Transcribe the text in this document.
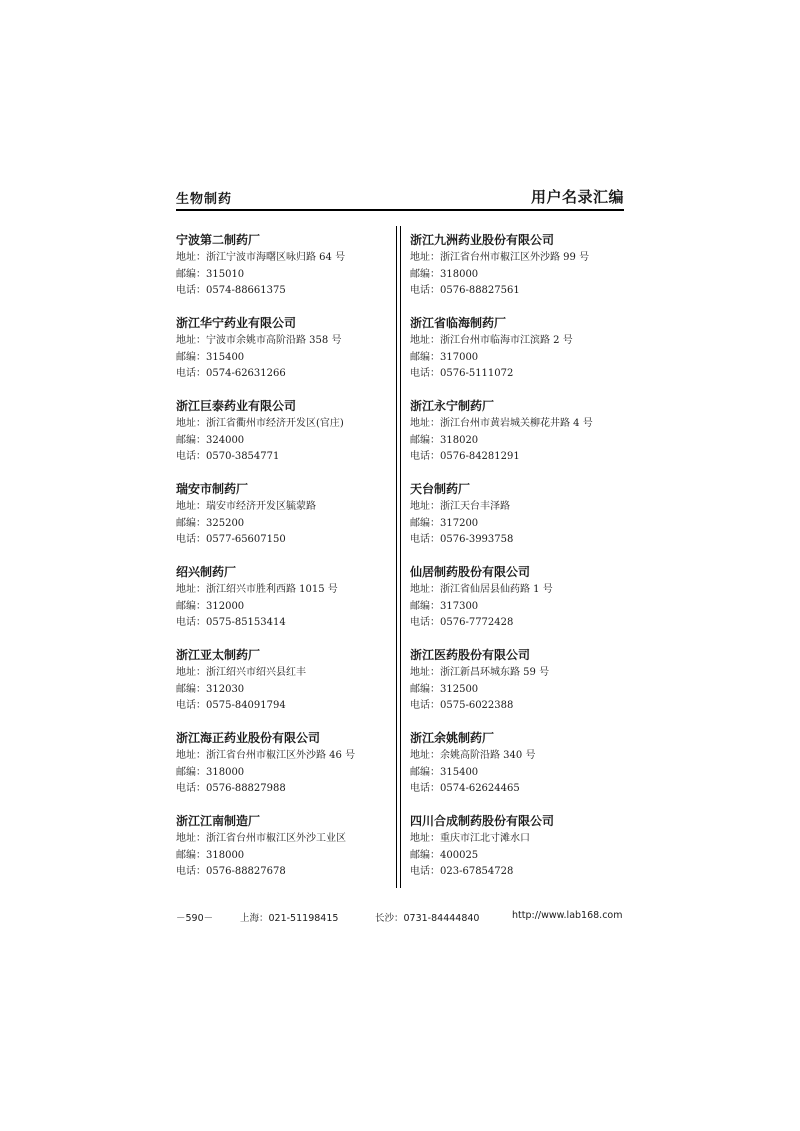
生物制药	用户名录汇编
宁波第二制药厂
地址：浙江宁波市海曙区咏归路 64 号
邮编：315010
电话：0574-88661375
浙江华宁药业有限公司
地址：宁波市余姚市高阶沿路 358 号
邮编：315400
电话：0574-62631266
浙江巨泰药业有限公司
地址：浙江省衢州市经济开发区(官庄)
邮编：324000
电话：0570-3854771
瑞安市制药厂
地址：瑞安市经济开发区毓蒙路
邮编：325200
电话：0577-65607150
绍兴制药厂
地址：浙江绍兴市胜利西路 1015 号
邮编：312000
电话：0575-85153414
浙江亚太制药厂
地址：浙江绍兴市绍兴县红丰
邮编：312030
电话：0575-84091794
浙江海正药业股份有限公司
地址：浙江省台州市椒江区外沙路 46 号
邮编：318000
电话：0576-88827988
浙江江南制造厂
地址：浙江省台州市椒江区外沙工业区
邮编：318000
电话：0576-88827678
浙江九洲药业股份有限公司
地址：浙江省台州市椒江区外沙路 99 号
邮编：318000
电话：0576-88827561
浙江省临海制药厂
地址：浙江台州市临海市江滨路 2 号
邮编：317000
电话：0576-5111072
浙江永宁制药厂
地址：浙江台州市黄岩城关柳花井路 4 号
邮编：318020
电话：0576-84281291
天台制药厂
地址：浙江天台丰泽路
邮编：317200
电话：0576-3993758
仙居制药股份有限公司
地址：浙江省仙居县仙药路 1 号
邮编：317300
电话：0576-7772428
浙江医药股份有限公司
地址：浙江新昌环城东路 59 号
邮编：312500
电话：0575-6022388
浙江余姚制药厂
地址：余姚高阶沿路 340 号
邮编：315400
电话：0574-62624465
四川合成制药股份有限公司
地址：重庆市江北寸滩水口
邮编：400025
电话：023-67854728
－590－	上海：021-51198415	长沙：0731-84444840	http://www.lab168.com
